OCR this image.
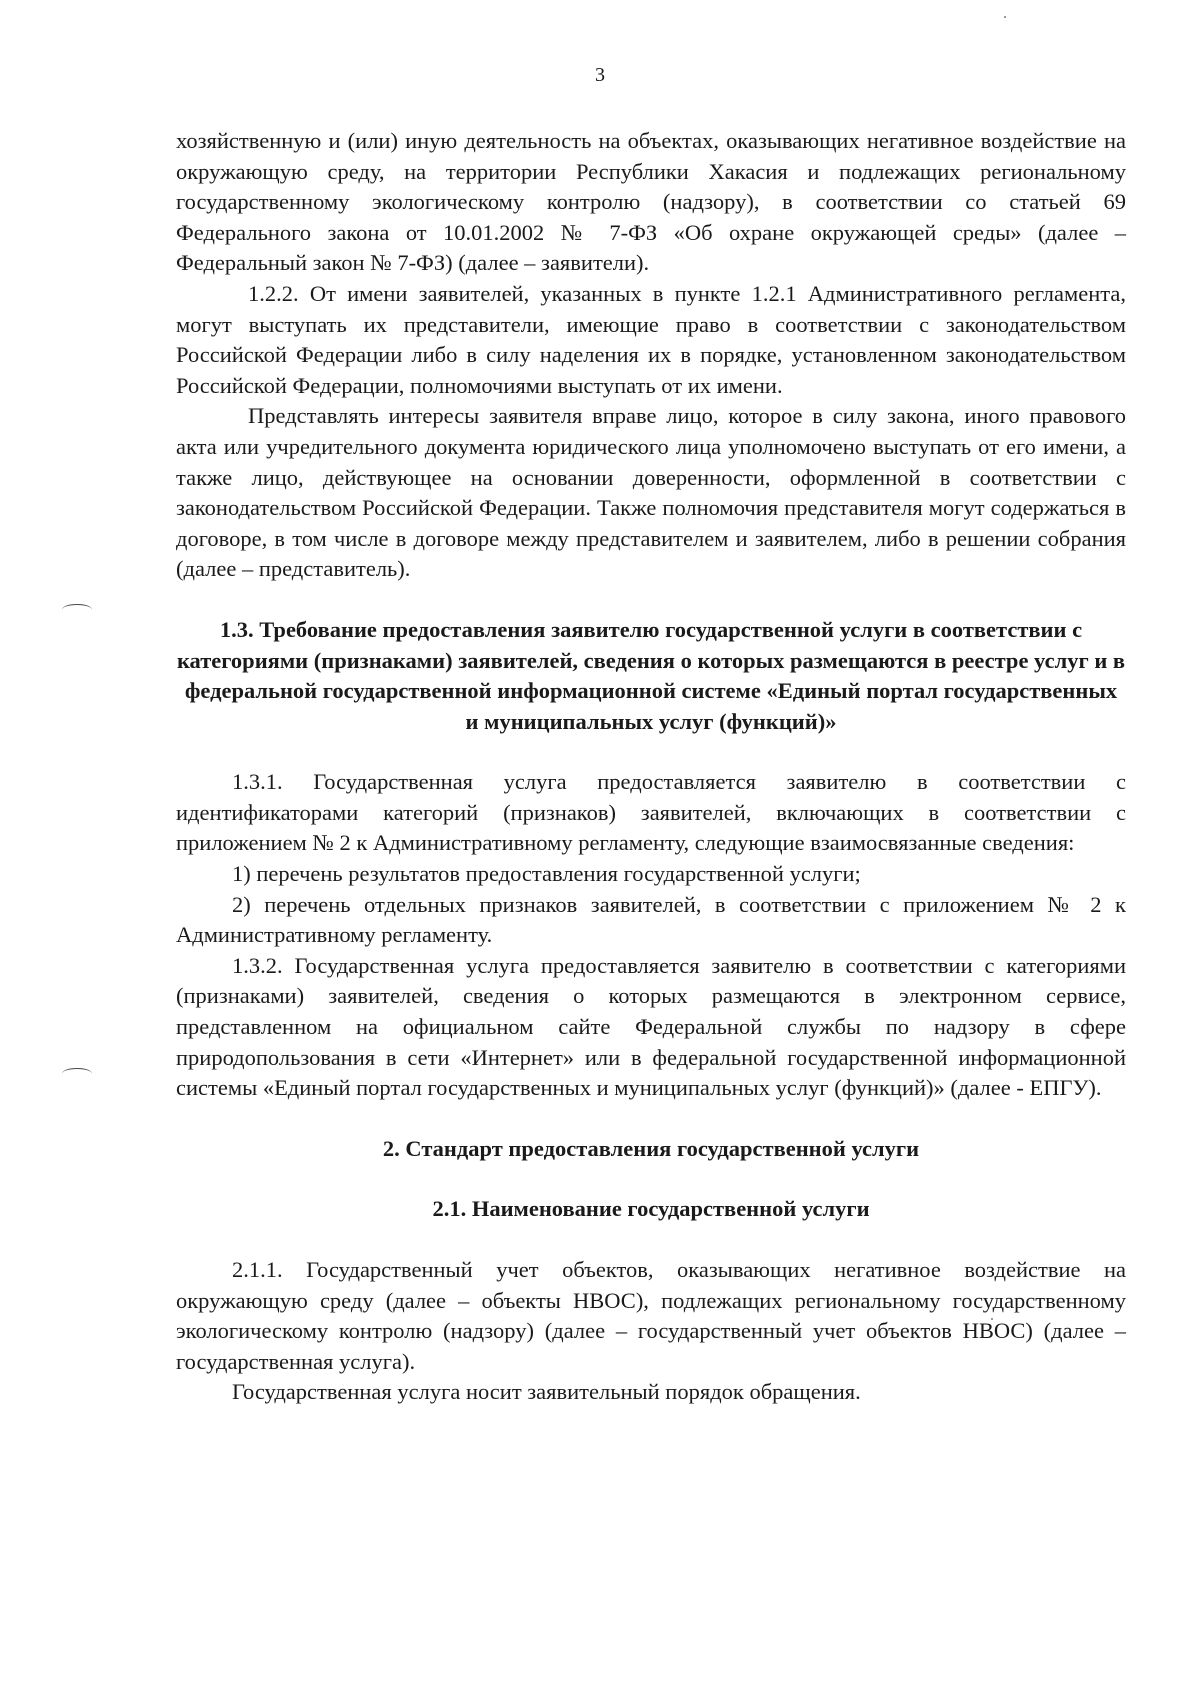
3

хозяйственную и (или) иную деятельность на объектах, оказывающих негативное воздействие на окружающую среду, на территории Республики Хакасия и подлежащих региональному государственному экологическому контролю (надзору), в соответствии со статьей 69 Федерального закона от 10.01.2002 № 7-ФЗ «Об охране окружающей среды» (далее – Федеральный закон № 7-ФЗ) (далее – заявители).

1.2.2. От имени заявителей, указанных в пункте 1.2.1 Административного регламента, могут выступать их представители, имеющие право в соответствии с законодательством Российской Федерации либо в силу наделения их в порядке, установленном законодательством Российской Федерации, полномочиями выступать от их имени.

Представлять интересы заявителя вправе лицо, которое в силу закона, иного правового акта или учредительного документа юридического лица уполномочено выступать от его имени, а также лицо, действующее на основании доверенности, оформленной в соответствии с законодательством Российской Федерации. Также полномочия представителя могут содержаться в договоре, в том числе в договоре между представителем и заявителем, либо в решении собрания (далее – представитель).

1.3. Требование предоставления заявителю государственной услуги в соответствии с категориями (признаками) заявителей, сведения о которых размещаются в реестре услуг и в федеральной государственной информационной системе «Единый портал государственных и муниципальных услуг (функций)»

1.3.1. Государственная услуга предоставляется заявителю в соответствии с идентификаторами категорий (признаков) заявителей, включающих в соответствии с приложением № 2 к Административному регламенту, следующие взаимосвязанные сведения:

1) перечень результатов предоставления государственной услуги;

2) перечень отдельных признаков заявителей, в соответствии с приложением № 2 к Административному регламенту.

1.3.2. Государственная услуга предоставляется заявителю в соответствии с категориями (признаками) заявителей, сведения о которых размещаются в электронном сервисе, представленном на официальном сайте Федеральной службы по надзору в сфере природопользования в сети «Интернет» или в федеральной государственной информационной системы «Единый портал государственных и муниципальных услуг (функций)» (далее - ЕПГУ).

2. Стандарт предоставления государственной услуги

2.1. Наименование государственной услуги

2.1.1. Государственный учет объектов, оказывающих негативное воздействие на окружающую среду (далее – объекты НВОС), подлежащих региональному государственному экологическому контролю (надзору) (далее – государственный учет объектов НВОС) (далее – государственная услуга).

Государственная услуга носит заявительный порядок обращения.
